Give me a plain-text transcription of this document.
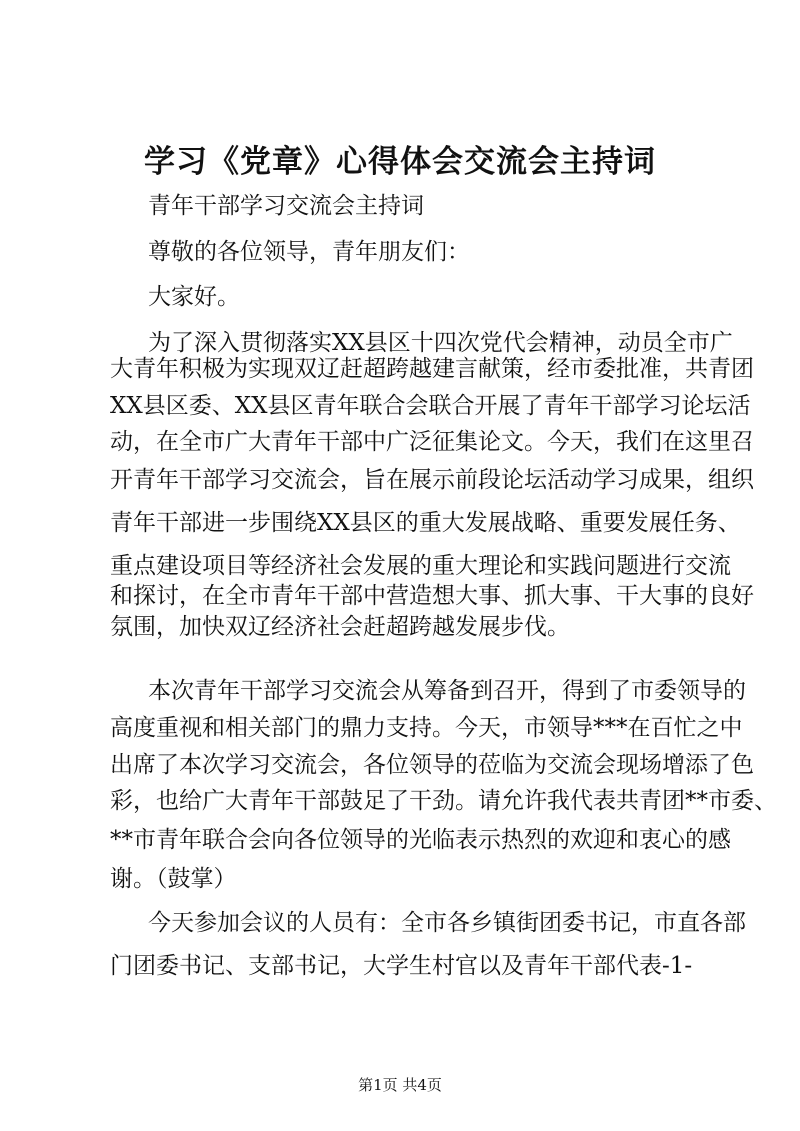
学习《党章》心得体会交流会主持词
青年干部学习交流会主持词
尊敬的各位领导，青年朋友们：
大家好。
为了深入贯彻落实XX县区十四次党代会精神，动员全市广
大青年积极为实现双辽赶超跨越建言献策，经市委批准，共青团
XX县区委、XX县区青年联合会联合开展了青年干部学习论坛活
动，在全市广大青年干部中广泛征集论文。今天，我们在这里召
开青年干部学习交流会，旨在展示前段论坛活动学习成果，组织
青年干部进一步围绕XX县区的重大发展战略、重要发展任务、
重点建设项目等经济社会发展的重大理论和实践问题进行交流
和探讨，在全市青年干部中营造想大事、抓大事、干大事的良好
氛围，加快双辽经济社会赶超跨越发展步伐。
本次青年干部学习交流会从筹备到召开，得到了市委领导的
高度重视和相关部门的鼎力支持。今天，市领导***在百忙之中
出席了本次学习交流会，各位领导的莅临为交流会现场增添了色
彩，也给广大青年干部鼓足了干劲。请允许我代表共青团**市委、
**市青年联合会向各位领导的光临表示热烈的欢迎和衷心的感
谢。（鼓掌）
今天参加会议的人员有：全市各乡镇街团委书记，市直各部
门团委书记、支部书记，大学生村官以及青年干部代表-1-
第1页 共4页
